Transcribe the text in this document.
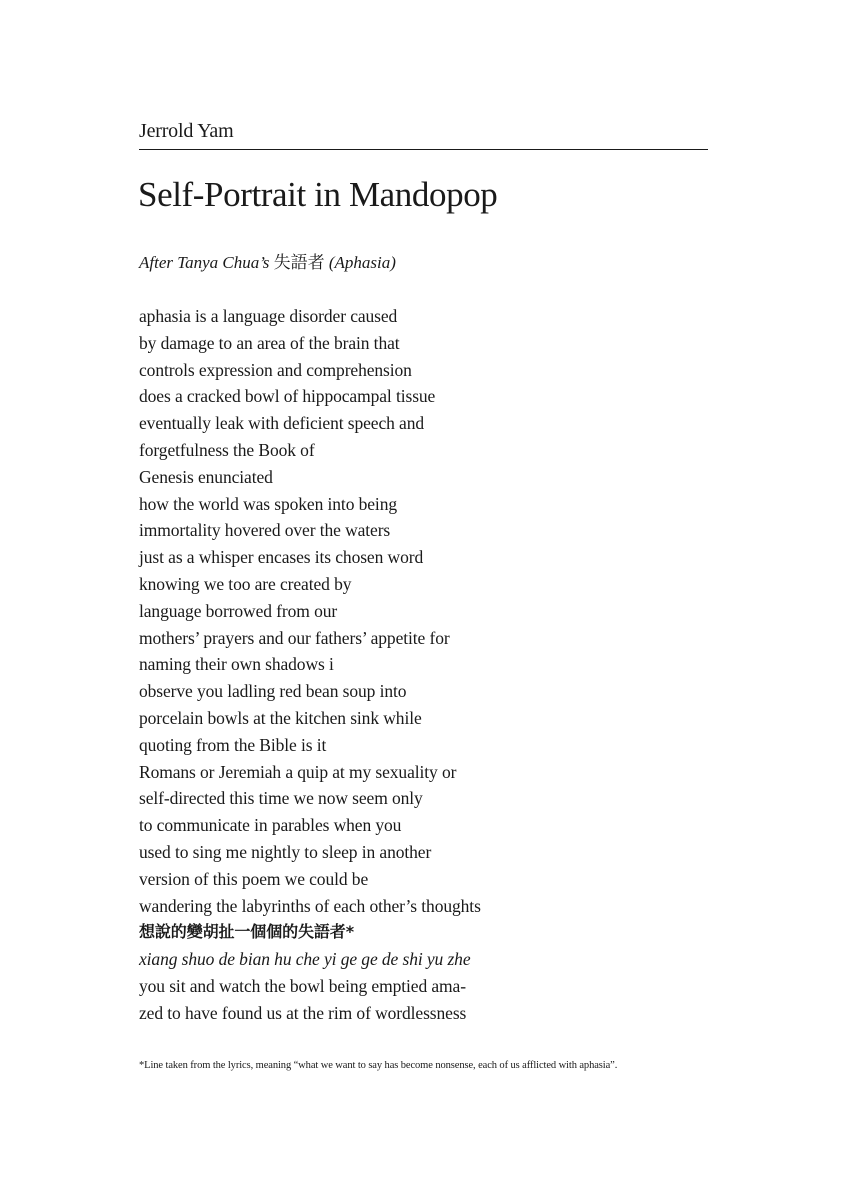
Jerrold Yam
Self-Portrait in Mandopop
After Tanya Chua’s 失語者 (Aphasia)
aphasia is a language disorder caused
by damage to an area of the brain that
controls expression and comprehension
does a cracked bowl of hippocampal tissue
eventually leak with deficient speech and
forgetfulness the Book of
Genesis enunciated
how the world was spoken into being
immortality hovered over the waters
just as a whisper encases its chosen word
knowing we too are created by
language borrowed from our
mothers’ prayers and our fathers’ appetite for
naming their own shadows i
observe you ladling red bean soup into
porcelain bowls at the kitchen sink while
quoting from the Bible is it
Romans or Jeremiah a quip at my sexuality or
self-directed this time we now seem only
to communicate in parables when you
used to sing me nightly to sleep in another
version of this poem we could be
wandering the labyrinths of each other’s thoughts
想說的變胡扯一個個的失語者*
xiang shuo de bian hu che yi ge ge de shi yu zhe
you sit and watch the bowl being emptied ama-
zed to have found us at the rim of wordlessness
*Line taken from the lyrics, meaning “what we want to say has become nonsense, each of us afflicted with aphasia”.
